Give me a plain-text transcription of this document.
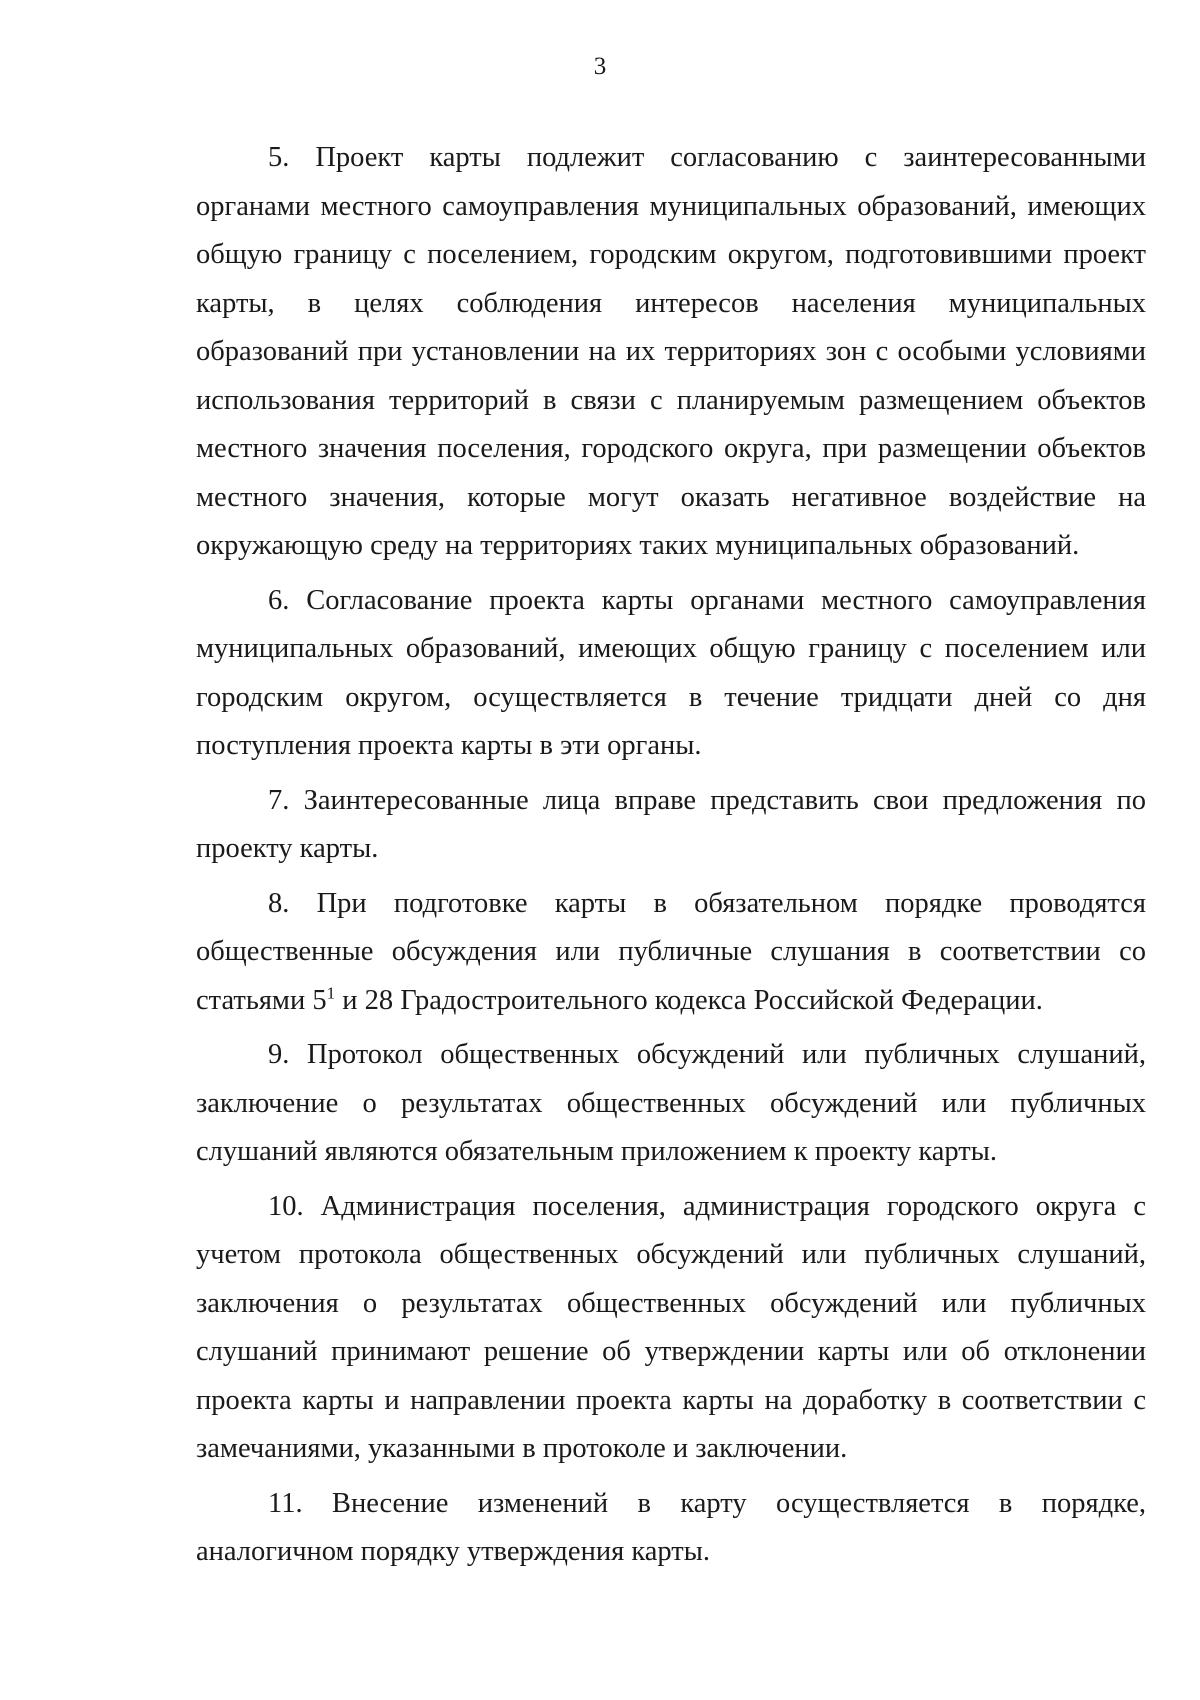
3

5. Проект карты подлежит согласованию с заинтересованными органами местного самоуправления муниципальных образований, имеющих общую границу с поселением, городским округом, подготовившими проект карты, в целях соблюдения интересов населения муниципальных образований при установлении на их территориях зон с особыми условиями использования территорий в связи с планируемым размещением объектов местного значения поселения, городского округа, при размещении объектов местного значения, которые могут оказать негативное воздействие на окружающую среду на территориях таких муниципальных образований.

6. Согласование проекта карты органами местного самоуправления муниципальных образований, имеющих общую границу с поселением или городским округом, осуществляется в течение тридцати дней со дня поступления проекта карты в эти органы.

7. Заинтересованные лица вправе представить свои предложения по проекту карты.

8. При подготовке карты в обязательном порядке проводятся общественные обсуждения или публичные слушания в соответствии со статьями $5^1$ и 28 Градостроительного кодекса Российской Федерации.

9. Протокол общественных обсуждений или публичных слушаний, заключение о результатах общественных обсуждений или публичных слушаний являются обязательным приложением к проекту карты.

10. Администрация поселения, администрация городского округа с учетом протокола общественных обсуждений или публичных слушаний, заключения о результатах общественных обсуждений или публичных слушаний принимают решение об утверждении карты или об отклонении проекта карты и направлении проекта карты на доработку в соответствии с замечаниями, указанными в протоколе и заключении.

11. Внесение изменений в карту осуществляется в порядке, аналогичном порядку утверждения карты.
